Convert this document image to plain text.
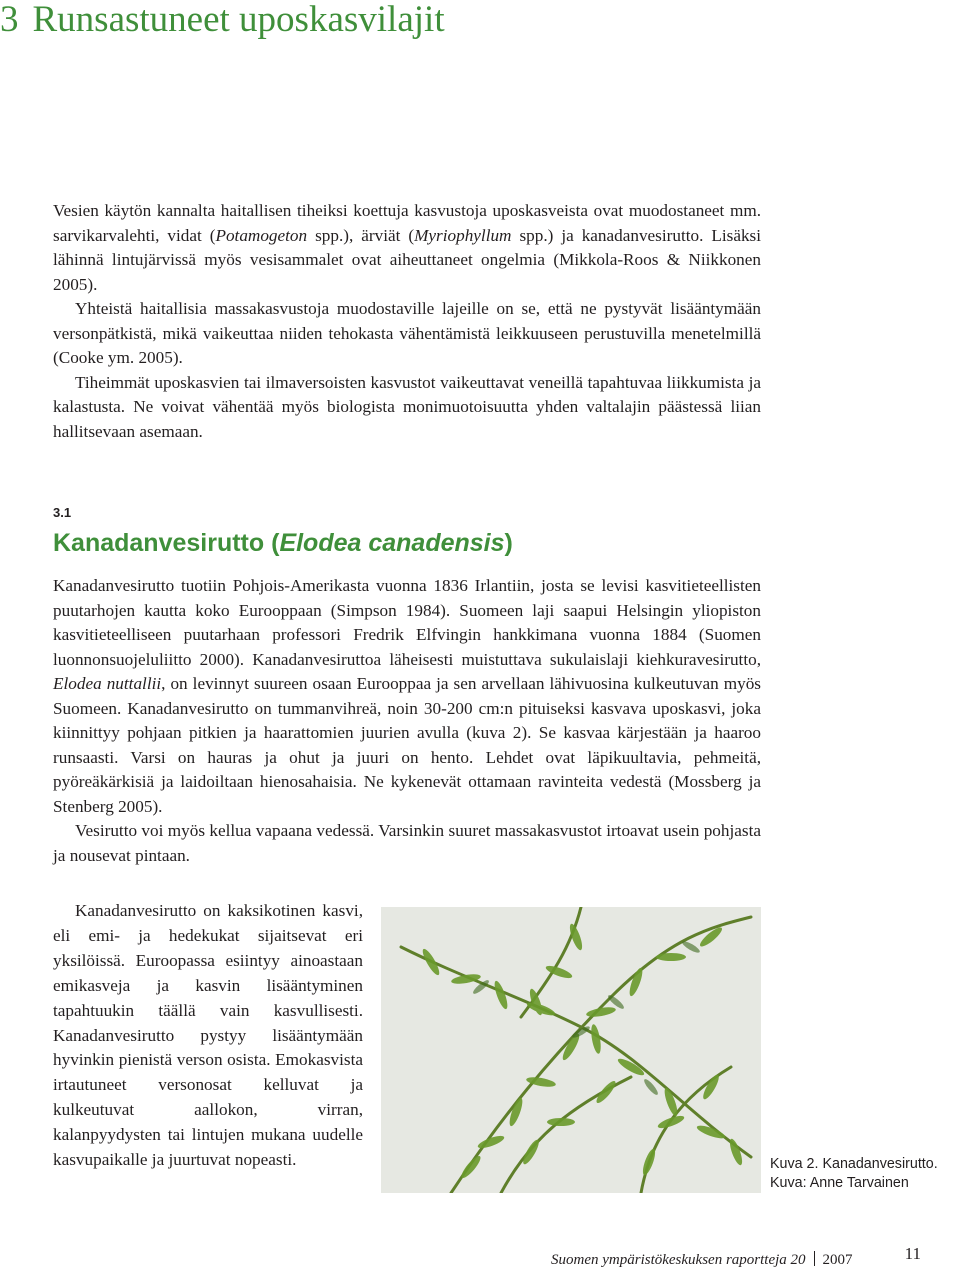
3 Runsastuneet uposkasvilajit

Vesien käytön kannalta haitallisen tiheiksi koettuja kasvustoja uposkasveista ovat muodostaneet mm. sarvikarvalehti, vidat (Potamogeton spp.), ärviät (Myriophyllum spp.) ja kanadanvesirutto. Lisäksi lähinnä lintujärvissä myös vesisammalet ovat aiheuttaneet ongelmia (Mikkola-Roos & Niikkonen 2005).

Yhteistä haitallisia massakasvustoja muodostaville lajeille on se, että ne pystyvät lisääntymään versonpätkistä, mikä vaikeuttaa niiden tehokasta vähentämistä leikkuuseen perustuvilla menetelmillä (Cooke ym. 2005).

Tiheimmät uposkasvien tai ilmaversoisten kasvustot vaikeuttavat veneillä tapahtuvaa liikkumista ja kalastusta. Ne voivat vähentää myös biologista monimuotoisuutta yhden valtalajin päästessä liian hallitsevaan asemaan.

3.1
Kanadanvesirutto (Elodea canadensis)

Kanadanvesirutto tuotiin Pohjois-Amerikasta vuonna 1836 Irlantiin, josta se levisi kasvitieteellisten puutarhojen kautta koko Eurooppaan (Simpson 1984). Suomeen laji saapui Helsingin yliopiston kasvitieteelliseen puutarhaan professori Fredrik Elfvingin hankkimana vuonna 1884 (Suomen luonnonsuojeluliitto 2000). Kanadanvesiruttoa läheisesti muistuttava sukulaislaji kiehkuravesirutto, Elodea nuttallii, on levinnyt suureen osaan Eurooppaa ja sen arvellaan lähivuosina kulkeutuvan myös Suomeen. Kanadanvesirutto on tummanvihreä, noin 30-200 cm:n pituiseksi kasvava uposkasvi, joka kiinnittyy pohjaan pitkien ja haarattomien juurien avulla (kuva 2). Se kasvaa kärjestään ja haaroo runsaasti. Varsi on hauras ja ohut ja juuri on hento. Lehdet ovat läpikuultavia, pehmeitä, pyöreäkärkisiä ja laidoiltaan hienosahaisia. Ne kykenevät ottamaan ravinteita vedestä (Mossberg ja Stenberg 2005).

Vesirutto voi myös kellua vapaana vedessä. Varsinkin suuret massakasvustot irtoavat usein pohjasta ja nousevat pintaan.

Kanadanvesirutto on kaksikotinen kasvi, eli emi- ja hedekukat sijaitsevat eri yksilöissä. Euroopassa esiintyy ainoastaan emikasveja ja kasvin lisääntyminen tapahtuukin täällä vain kasvullisesti. Kanadanvesirutto pystyy lisääntymään hyvinkin pienistä verson osista. Emokasvista irtautuneet versonosat kelluvat ja kulkeutuvat aallokon, virran, kalanpyydysten tai lintujen mukana uudelle kasvupaikalle ja juurtuvat nopeasti.	Kuva 2. Kanadanvesirutto.
Kuva: Anne Tarvainen
Suomen ympäristökeskuksen raportteja 20 2007	11
